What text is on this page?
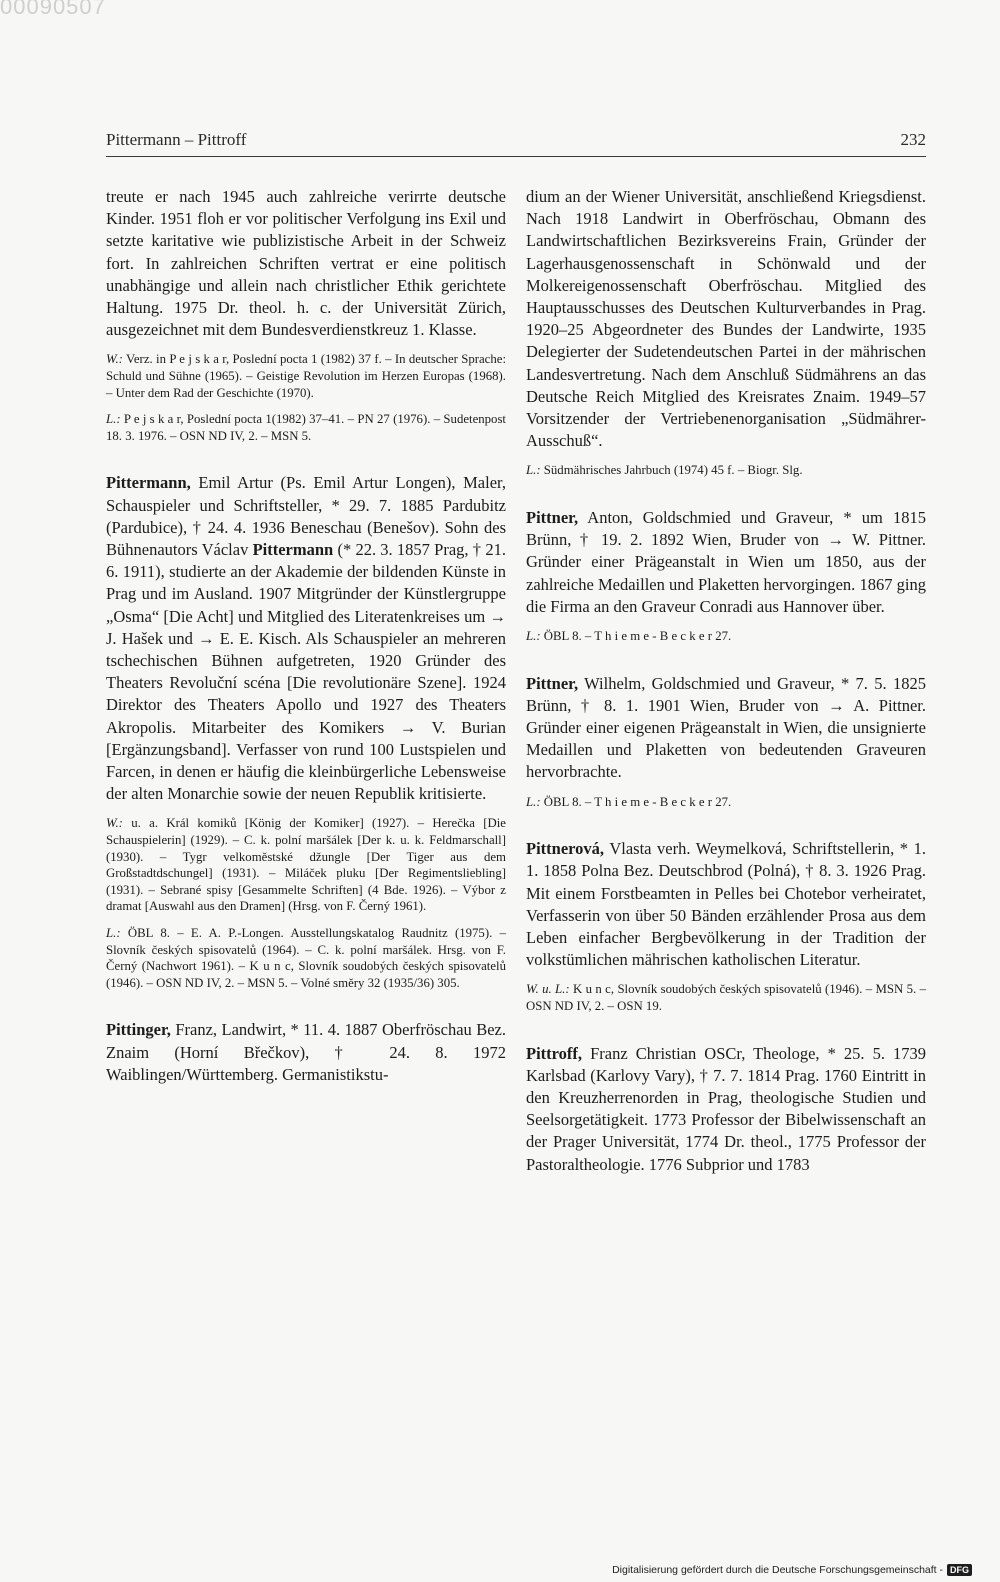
00090507
Pittermann – Pittroff	232

treute er nach 1945 auch zahlreiche verirrte deutsche Kinder. 1951 floh er vor politischer Verfolgung ins Exil und setzte karitative wie publizistische Arbeit in der Schweiz fort. In zahlreichen Schriften vertrat er eine politisch unabhängige und allein nach christlicher Ethik gerichtete Haltung. 1975 Dr. theol. h. c. der Universität Zürich, ausgezeichnet mit dem Bundesverdienstkreuz 1. Klasse.

W.: Verz. in P e j s k a r, Poslední pocta 1 (1982) 37 f. – In deutscher Sprache: Schuld und Sühne (1965). – Geistige Revolution im Herzen Europas (1968). – Unter dem Rad der Geschichte (1970).

L.: P e j s k a r, Poslední pocta 1(1982) 37–41. – PN 27 (1976). – Sudetenpost 18. 3. 1976. – OSN ND IV, 2. – MSN 5.

Pittermann, Emil Artur (Ps. Emil Artur Longen), Maler, Schauspieler und Schriftsteller, * 29. 7. 1885 Pardubitz (Pardubice), † 24. 4. 1936 Beneschau (Benešov). Sohn des Bühnenautors Václav Pittermann (* 22. 3. 1857 Prag, † 21. 6. 1911), studierte an der Akademie der bildenden Künste in Prag und im Ausland. 1907 Mitgründer der Künstlergruppe „Osma“ [Die Acht] und Mitglied des Literatenkreises um → J. Hašek und → E. E. Kisch. Als Schauspieler an mehreren tschechischen Bühnen aufgetreten, 1920 Gründer des Theaters Revoluční scéna [Die revolutionäre Szene]. 1924 Direktor des Theaters Apollo und 1927 des Theaters Akropolis. Mitarbeiter des Komikers → V. Burian [Ergänzungsband]. Verfasser von rund 100 Lustspielen und Farcen, in denen er häufig die kleinbürgerliche Lebensweise der alten Monarchie sowie der neuen Republik kritisierte.

W.: u. a. Král komiků [König der Komiker] (1927). – Herečka [Die Schauspielerin] (1929). – C. k. polní maršálek [Der k. u. k. Feldmarschall] (1930). – Tygr velkoměstské džungle [Der Tiger aus dem Großstadtdschungel] (1931). – Miláček pluku [Der Regimentsliebling] (1931). – Sebrané spisy [Gesammelte Schriften] (4 Bde. 1926). – Výbor z dramat [Auswahl aus den Dramen] (Hrsg. von F. Černý 1961).

L.: ÖBL 8. – E. A. P.-Longen. Ausstellungskatalog Raudnitz (1975). – Slovník českých spisovatelů (1964). – C. k. polní maršálek. Hrsg. von F. Černý (Nachwort 1961). – K u n c, Slovník soudobých českých spisovatelů (1946). – OSN ND IV, 2. – MSN 5. – Volné směry 32 (1935/36) 305.

Pittinger, Franz, Landwirt, * 11. 4. 1887 Oberfröschau Bez. Znaim (Horní Břečkov), † 24. 8. 1972 Waiblingen/Württemberg. Germanistikstu-

dium an der Wiener Universität, anschließend Kriegsdienst. Nach 1918 Landwirt in Oberfröschau, Obmann des Landwirtschaftlichen Bezirksvereins Frain, Gründer der Lagerhausgenossenschaft in Schönwald und der Molkereigenossenschaft Oberfröschau. Mitglied des Hauptausschusses des Deutschen Kulturverbandes in Prag. 1920–25 Abgeordneter des Bundes der Landwirte, 1935 Delegierter der Sudetendeutschen Partei in der mährischen Landesvertretung. Nach dem Anschluß Südmährens an das Deutsche Reich Mitglied des Kreisrates Znaim. 1949–57 Vorsitzender der Vertriebenenorganisation „Südmährer-Ausschuß“.

L.: Südmährisches Jahrbuch (1974) 45 f. – Biogr. Slg.

Pittner, Anton, Goldschmied und Graveur, * um 1815 Brünn, † 19. 2. 1892 Wien, Bruder von → W. Pittner. Gründer einer Prägeanstalt in Wien um 1850, aus der zahlreiche Medaillen und Plaketten hervorgingen. 1867 ging die Firma an den Graveur Conradi aus Hannover über.

L.: ÖBL 8. – T h i e m e - B e c k e r 27.

Pittner, Wilhelm, Goldschmied und Graveur, * 7. 5. 1825 Brünn, † 8. 1. 1901 Wien, Bruder von → A. Pittner. Gründer einer eigenen Prägeanstalt in Wien, die unsignierte Medaillen und Plaketten von bedeutenden Graveuren hervorbrachte.

L.: ÖBL 8. – T h i e m e - B e c k e r 27.

Pittnerová, Vlasta verh. Weymelková, Schriftstellerin, * 1. 1. 1858 Polna Bez. Deutschbrod (Polná), † 8. 3. 1926 Prag. Mit einem Forstbeamten in Pelles bei Chotebor verheiratet, Verfasserin von über 50 Bänden erzählender Prosa aus dem Leben einfacher Bergbevölkerung in der Tradition der volkstümlichen mährischen katholischen Literatur.

W. u. L.: K u n c, Slovník soudobých českých spisovatelů (1946). – MSN 5. – OSN ND IV, 2. – OSN 19.

Pittroff, Franz Christian OSCr, Theologe, * 25. 5. 1739 Karlsbad (Karlovy Vary), † 7. 7. 1814 Prag. 1760 Eintritt in den Kreuzherrenorden in Prag, theologische Studien und Seelsorgetätigkeit. 1773 Professor der Bibelwissenschaft an der Prager Universität, 1774 Dr. theol., 1775 Professor der Pastoraltheologie. 1776 Subprior und 1783

Digitalisierung gefördert durch die Deutsche Forschungsgemeinschaft - DFG
